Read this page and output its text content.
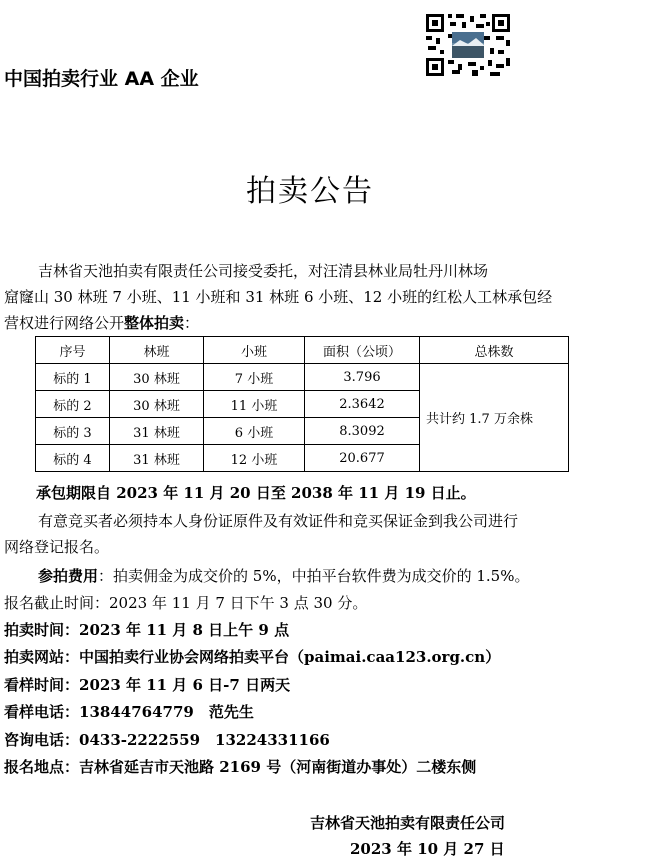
中国拍卖行业 AA 企业
拍卖公告
吉林省天池拍卖有限责任公司接受委托，对汪清县林业局牡丹川林场
窟窿山 30 林班 7 小班、11 小班和 31 林班 6 小班、12 小班的红松人工林承包经
营权进行网络公开整体拍卖：
序号	林班	小班	面积（公顷）	总株数
标的 1	30 林班	7 小班	3.796	共计约 1.7 万余株
标的 2	30 林班	11 小班	2.3642	
标的 3	31 林班	6 小班	8.3092	
标的 4	31 林班	12 小班	20.677	
承包期限自 2023 年 11 月 20 日至 2038 年 11 月 19 日止。
有意竞买者必须持本人身份证原件及有效证件和竞买保证金到我公司进行
网络登记报名。
参拍费用：拍卖佣金为成交价的 5%，中拍平台软件费为成交价的 1.5%。
报名截止时间：2023 年 11 月 7 日下午 3 点 30 分。
拍卖时间：2023 年 11 月 8 日上午 9 点
拍卖网站：中国拍卖行业协会网络拍卖平台（paimai.caa123.org.cn）
看样时间：2023 年 11 月 6 日-7 日两天
看样电话：13844764779　范先生
咨询电话：0433-2222559　13224331166
报名地点：吉林省延吉市天池路 2169 号（河南街道办事处）二楼东侧
吉林省天池拍卖有限责任公司
2023 年 10 月 27 日
